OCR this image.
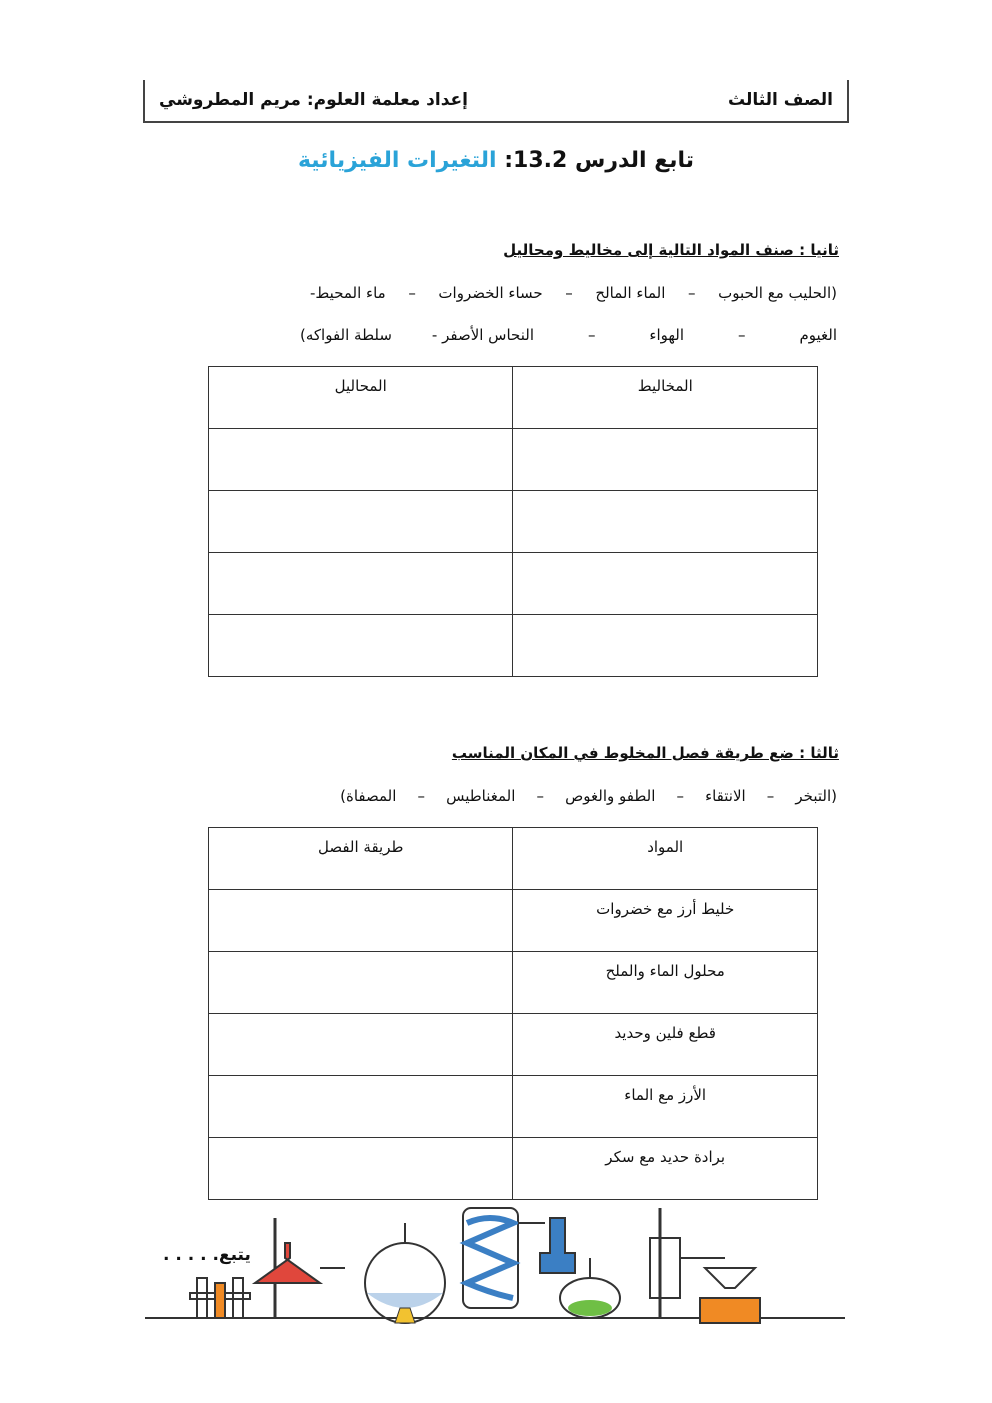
الصف الثالث
إعداد معلمة العلوم: مريم المطروشي
تابع الدرس 13.2: التغيرات الفيزيائية
ثانيا : صنف المواد التالية إلى مخاليط ومحاليل
(الحليب مع الحبوب
–
الماء المالح
–
حساء الخضروات
–
ماء المحيط-
الغيوم
–
الهواء
–
النحاس الأصفر -
سلطة الفواكه)
المخاليط	المحاليل

ثالثا : ضع طريقة فصل المخلوط في المكان المناسب
(التبخر
–
الانتقاء
–
الطفو والغوص
–
المغناطيس
–
المصفاة)
المواد	طريقة الفصل
خليط أرز مع خضروات	
محلول الماء والملح	
قطع فلين وحديد	
الأرز مع الماء	
برادة حديد مع سكر	
يتبع. . . . .
